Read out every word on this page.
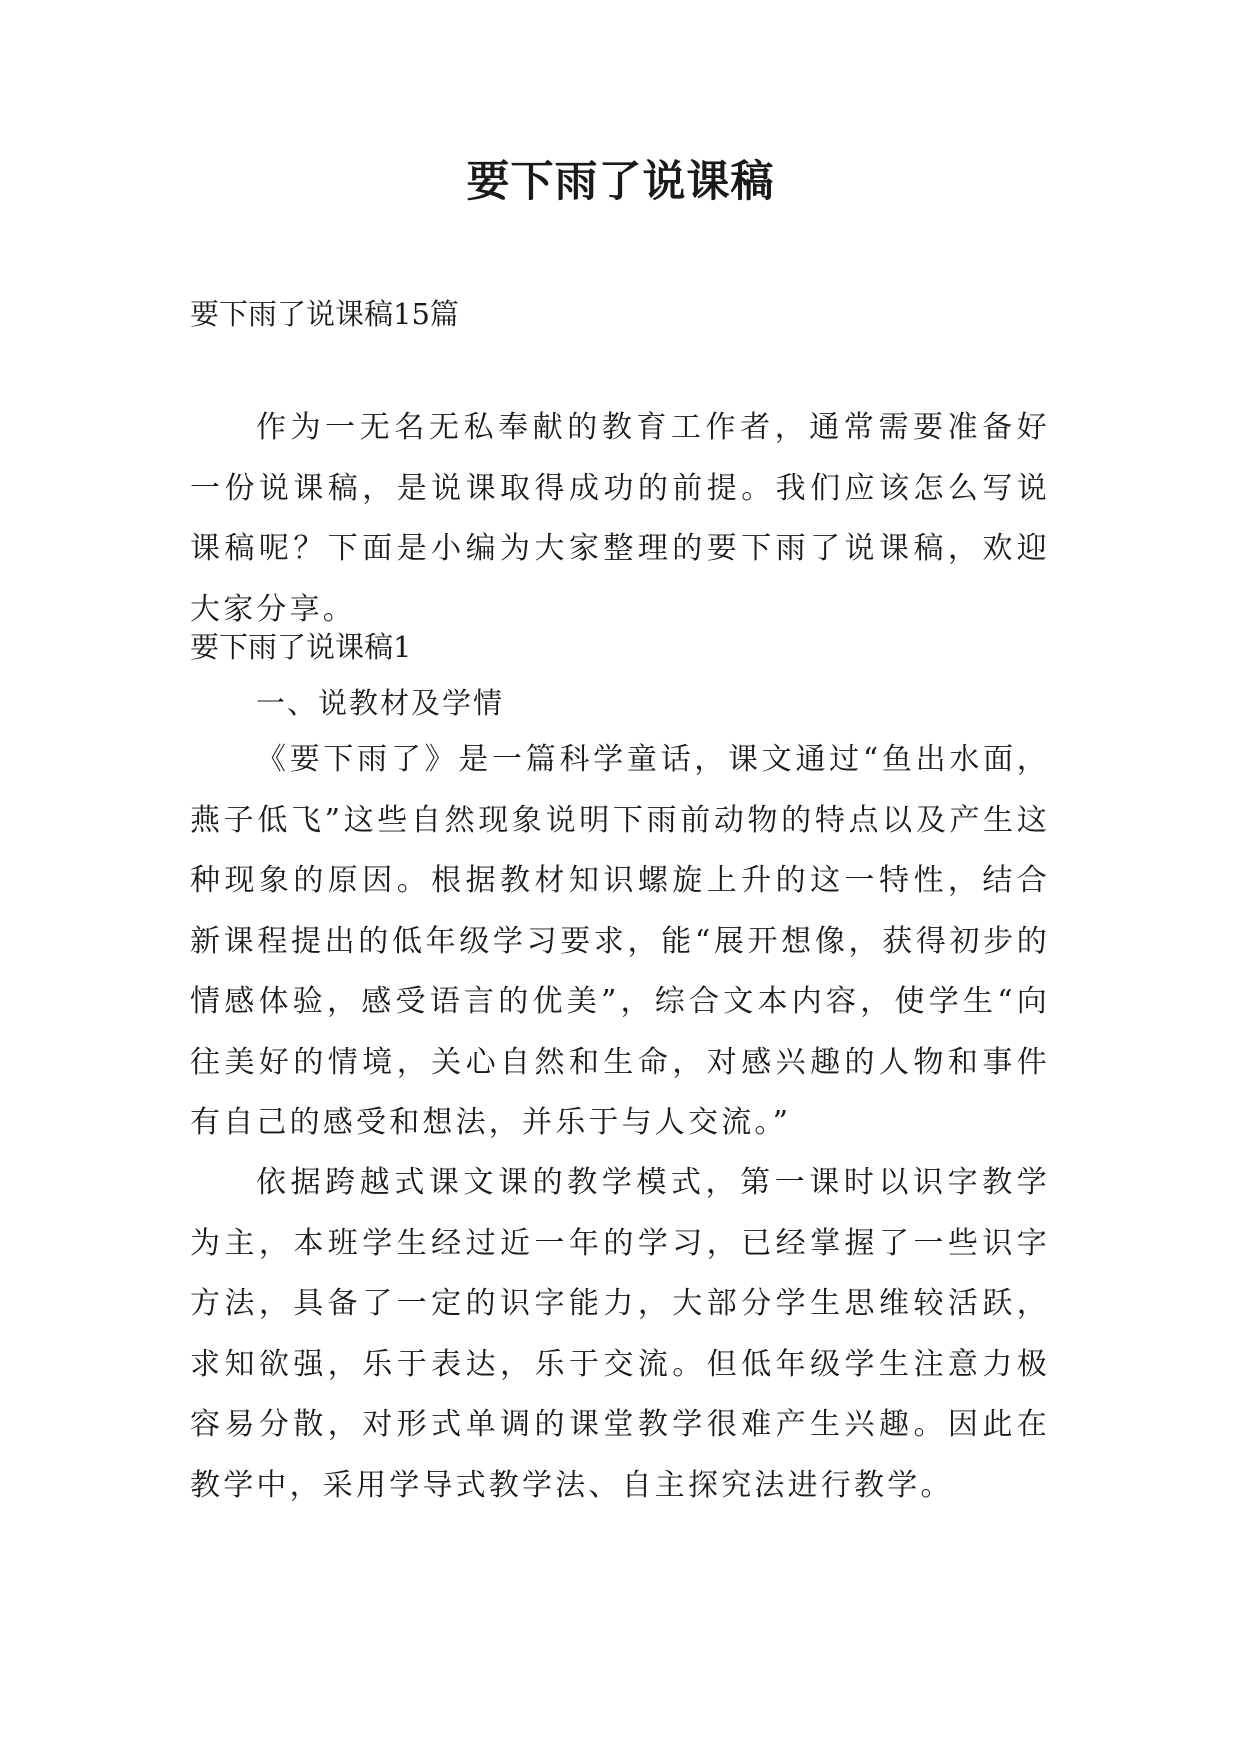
要下雨了说课稿
要下雨了说课稿15篇
作为一无名无私奉献的教育工作者，通常需要准备好一份说课稿，是说课取得成功的前提。我们应该怎么写说课稿呢？下面是小编为大家整理的要下雨了说课稿，欢迎大家分享。
要下雨了说课稿1
一、说教材及学情
《要下雨了》是一篇科学童话，课文通过“鱼出水面，燕子低飞”这些自然现象说明下雨前动物的特点以及产生这种现象的原因。根据教材知识螺旋上升的这一特性，结合新课程提出的低年级学习要求，能“展开想像，获得初步的情感体验，感受语言的优美”，综合文本内容，使学生“向往美好的情境，关心自然和生命，对感兴趣的人物和事件有自己的感受和想法，并乐于与人交流。”
依据跨越式课文课的教学模式，第一课时以识字教学为主，本班学生经过近一年的学习，已经掌握了一些识字方法，具备了一定的识字能力，大部分学生思维较活跃，求知欲强，乐于表达，乐于交流。但低年级学生注意力极容易分散，对形式单调的课堂教学很难产生兴趣。因此在教学中，采用学导式教学法、自主探究法进行教学。
